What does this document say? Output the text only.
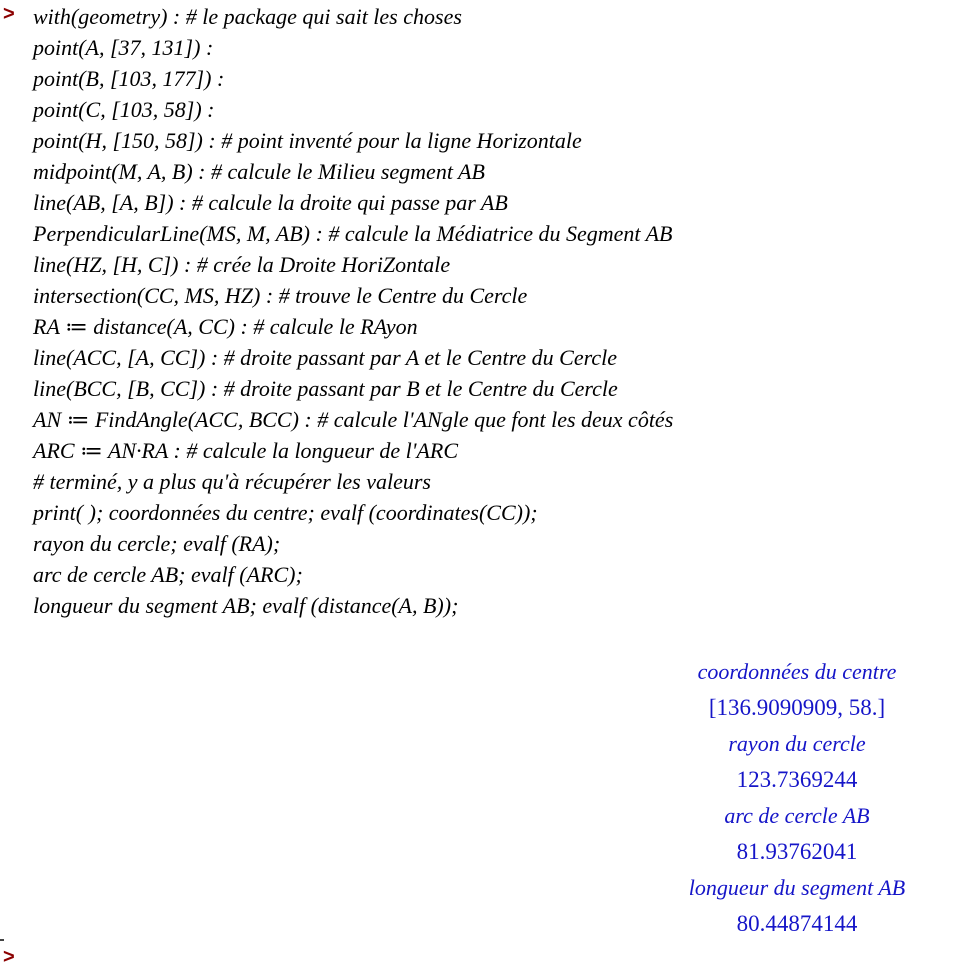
> with(geometry) : # le package qui sait les choses
point(A, [37, 131]) :
point(B, [103, 177]) :
point(C, [103, 58]) :
point(H, [150, 58]) : # point inventé pour la ligne Horizontale
midpoint(M, A, B) : # calcule le Milieu segment AB
line(AB, [A, B]) : # calcule la droite qui passe par AB
PerpendicularLine(MS, M, AB) : # calcule la Médiatrice du Segment AB
line(HZ, [H, C]) : # crée la Droite HoriZontale
intersection(CC, MS, HZ) : # trouve le Centre du Cercle
RA ≔ distance(A, CC) : # calcule le RAyon
line(ACC, [A, CC]) : # droite passant par A et le Centre du Cercle
line(BCC, [B, CC]) : # droite passant par B et le Centre du Cercle
AN ≔ FindAngle(ACC, BCC) : # calcule l'ANgle que font les deux côtés
ARC ≔ AN·RA : # calcule la longueur de l'ARC
# terminé, y a plus qu'à récupérer les valeurs
print( ); coordonnées du centre; evalf (coordinates(CC));
rayon du cercle; evalf (RA);
arc de cercle AB; evalf (ARC);
longueur du segment AB; evalf (distance(A, B));
coordonnées du centre
[136.9090909, 58.]
rayon du cercle
123.7369244
arc de cercle AB
81.93762041
longueur du segment AB
80.44874144
>
